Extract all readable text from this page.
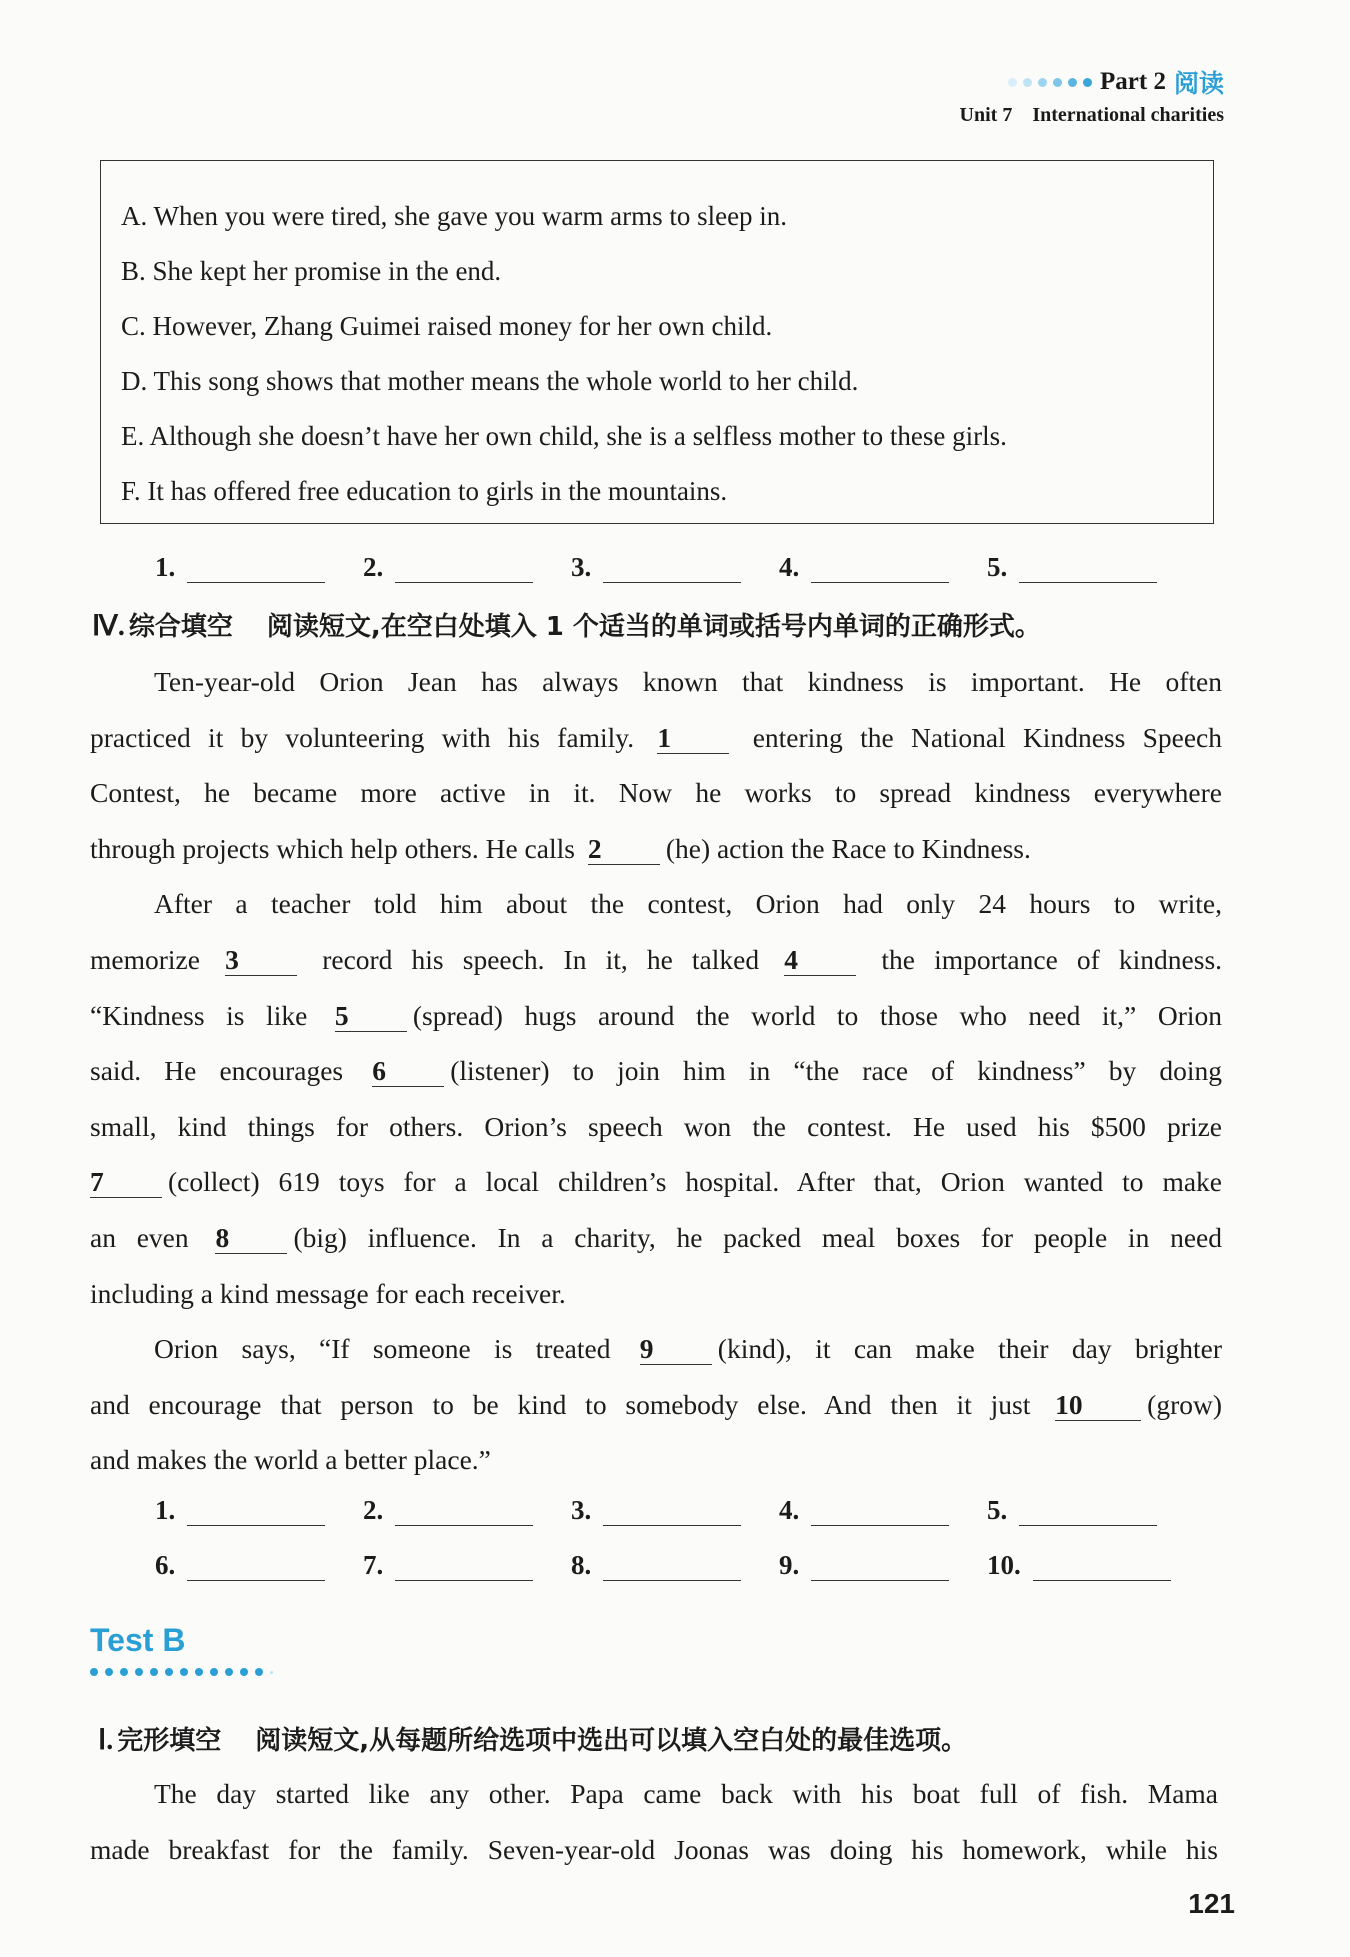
Part 2 阅读
Unit 7 International charities
A. When you were tired, she gave you warm arms to sleep in.
B. She kept her promise in the end.
C. However, Zhang Guimei raised money for her own child.
D. This song shows that mother means the whole world to her child.
E. Although she doesn’t have her own child, she is a selfless mother to these girls.
F. It has offered free education to girls in the mountains.
1.	2.	3.	4.	5.
Ⅳ. 综合填空 阅读短文,在空白处填入 1 个适当的单词或括号内单词的正确形式。
Ten-year-old Orion Jean has always known that kindness is important. He often
practiced it by volunteering with his family. 1	entering the National Kindness Speech
Contest, he became more active in it. Now he works to spread kindness everywhere
through projects which help others. He calls 2 (he) action the Race to Kindness.
After a teacher told him about the contest, Orion had only 24 hours to write,
memorize 3	record his speech. In it, he talked 4	the importance of kindness.
“Kindness is like 5 (spread) hugs around the world to those who need it,” Orion
said. He encourages 6 (listener) to join him in “the race of kindness” by doing
small, kind things for others. Orion’s speech won the contest. He used his $500 prize
7 (collect) 619 toys for a local children’s hospital. After that, Orion wanted to make
an even 8 (big) influence. In a charity, he packed meal boxes for people in need
including a kind message for each receiver.
Orion says, “If someone is treated 9 (kind), it can make their day brighter
and encourage that person to be kind to somebody else. And then it just 10 (grow)
and makes the world a better place.”
1.	2.	3.	4.	5.
6.	7.	8.	9.	10.
Test B
Ⅰ. 完形填空 阅读短文,从每题所给选项中选出可以填入空白处的最佳选项。
The day started like any other. Papa came back with his boat full of fish. Mama
made breakfast for the family. Seven-year-old Joonas was doing his homework, while his
121
